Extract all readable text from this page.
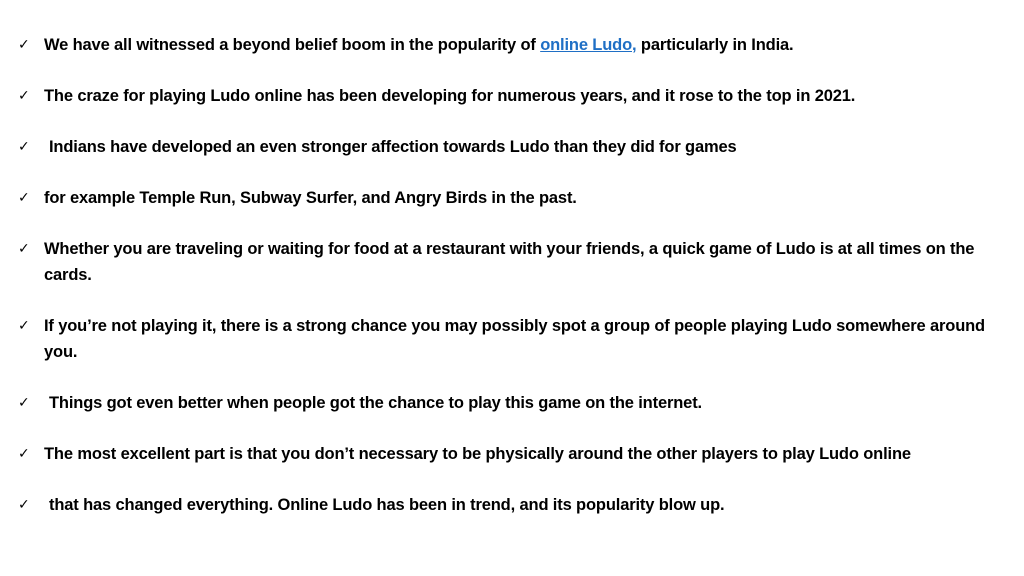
✓ We have all witnessed a beyond belief boom in the popularity of online Ludo, particularly in India.
✓ The craze for playing Ludo online has been developing for numerous years, and it rose to the top in 2021.
✓ Indians have developed an even stronger affection towards Ludo than they did for games
✓ for example Temple Run, Subway Surfer, and Angry Birds in the past.
✓ Whether you are traveling or waiting for food at a restaurant with your friends, a quick game of Ludo is at all times on the cards.
✓ If you’re not playing it, there is a strong chance you may possibly spot a group of people playing Ludo somewhere around you.
✓ Things got even better when people got the chance to play this game on the internet.
✓ The most excellent part is that you don’t necessary to be physically around the other players to play Ludo online
✓ that has changed everything. Online Ludo has been in trend, and its popularity blow up.
